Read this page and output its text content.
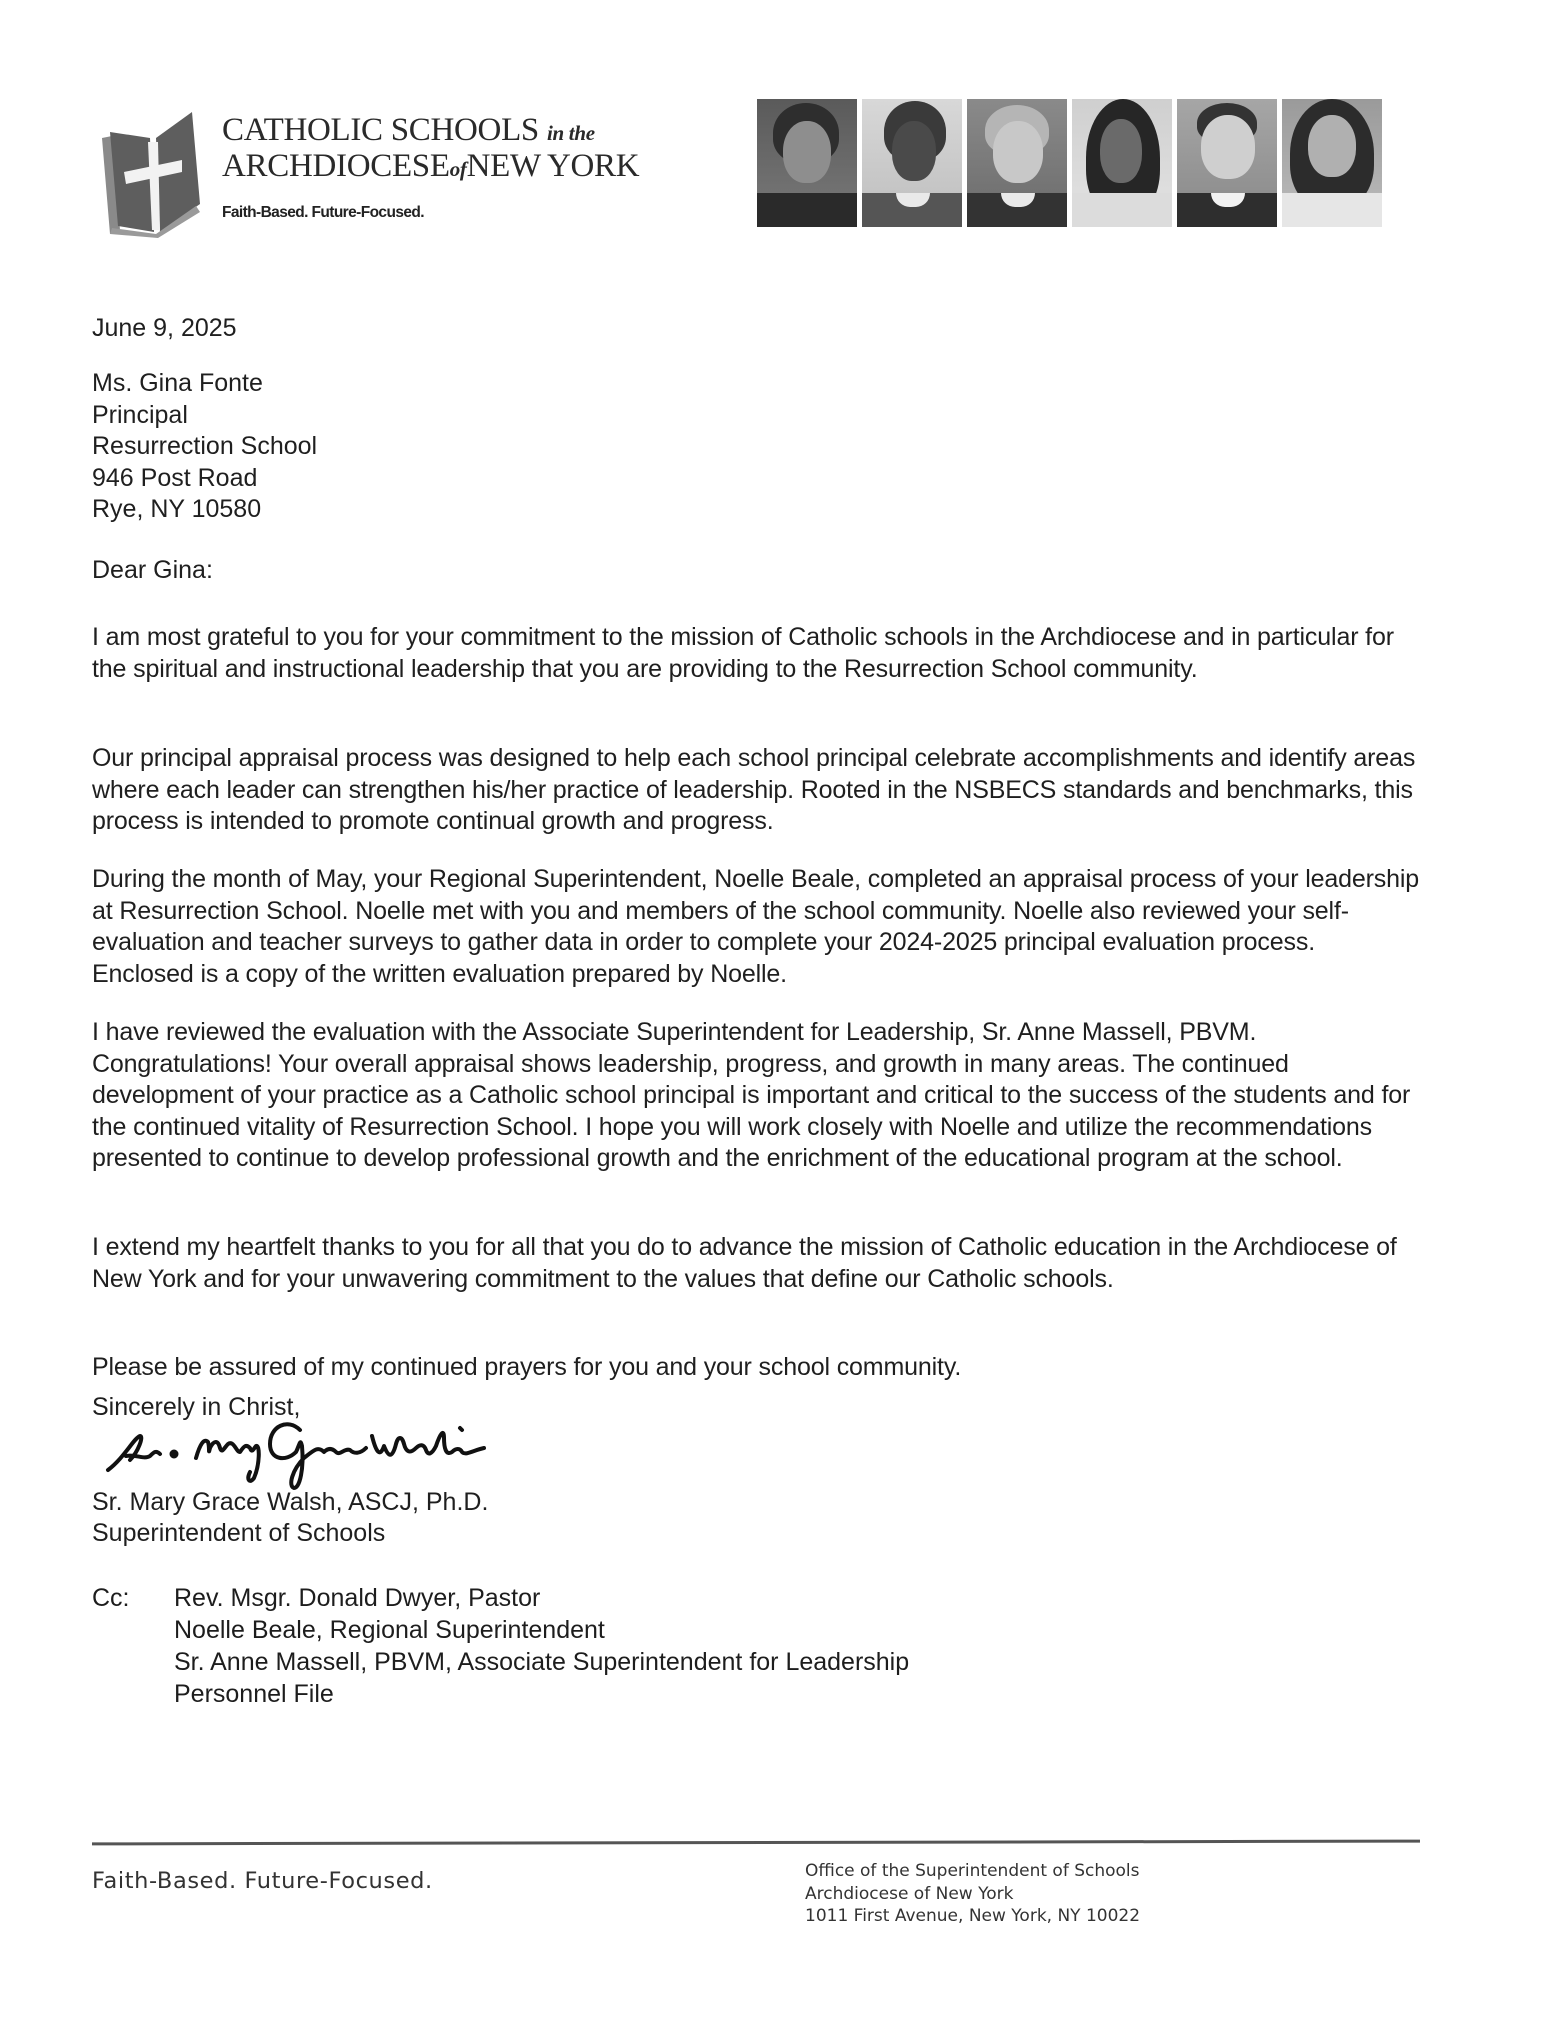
CATHOLIC SCHOOLS in the
ARCHDIOCESEofNEW YORK
Faith-Based. Future-Focused.
June 9, 2025
Ms. Gina Fonte
Principal
Resurrection School
946 Post Road
Rye, NY 10580
Dear Gina:

I am most grateful to you for your commitment to the mission of Catholic schools in the Archdiocese and in particular for the spiritual and instructional leadership that you are providing to the Resurrection School community.

Our principal appraisal process was designed to help each school principal celebrate accomplishments and identify areas where each leader can strengthen his/her practice of leadership. Rooted in the NSBECS standards and benchmarks, this process is intended to promote continual growth and progress.

During the month of May, your Regional Superintendent, Noelle Beale, completed an appraisal process of your leadership at Resurrection School. Noelle met with you and members of the school community. Noelle also reviewed your self-evaluation and teacher surveys to gather data in order to complete your 2024-2025 principal evaluation process. Enclosed is a copy of the written evaluation prepared by Noelle.

I have reviewed the evaluation with the Associate Superintendent for Leadership, Sr. Anne Massell, PBVM. Congratulations! Your overall appraisal shows leadership, progress, and growth in many areas. The continued development of your practice as a Catholic school principal is important and critical to the success of the students and for the continued vitality of Resurrection School. I hope you will work closely with Noelle and utilize the recommendations presented to continue to develop professional growth and the enrichment of the educational program at the school.

I extend my heartfelt thanks to you for all that you do to advance the mission of Catholic education in the Archdiocese of New York and for your unwavering commitment to the values that define our Catholic schools.

Please be assured of my continued prayers for you and your school community.

Sincerely in Christ,
Sr. Mary Grace Walsh, ASCJ, Ph.D.
Superintendent of Schools
Cc:	Rev. Msgr. Donald Dwyer, Pastor
Noelle Beale, Regional Superintendent
Sr. Anne Massell, PBVM, Associate Superintendent for Leadership
Personnel File
Faith-Based. Future-Focused.	Office of the Superintendent of Schools
Archdiocese of New York
1011 First Avenue, New York, NY 10022
